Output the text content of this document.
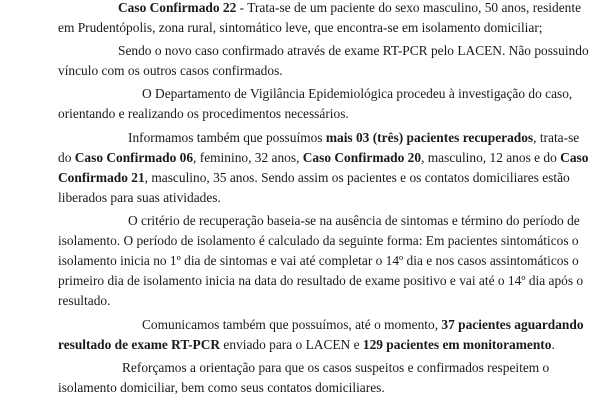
Caso Confirmado 22 - Trata-se de um paciente do sexo masculino, 50 anos, residente
em Prudentópolis, zona rural, sintomático leve, que encontra-se em isolamento domiciliar;
Sendo o novo caso confirmado através de exame RT-PCR pelo LACEN. Não possuindo
vínculo com os outros casos confirmados.
O Departamento de Vigilância Epidemiológica procedeu à investigação do caso,
orientando e realizando os procedimentos necessários.
Informamos também que possuímos mais 03 (três) pacientes recuperados, trata-se
do Caso Confirmado 06, feminino, 32 anos, Caso Confirmado 20, masculino, 12 anos e do Caso
Confirmado 21, masculino, 35 anos. Sendo assim os pacientes e os contatos domiciliares estão
liberados para suas atividades.
O critério de recuperação baseia-se na ausência de sintomas e término do período de
isolamento. O período de isolamento é calculado da seguinte forma: Em pacientes sintomáticos o
isolamento inicia no 1º dia de sintomas e vai até completar o 14º dia e nos casos assintomáticos o
primeiro dia de isolamento inicia na data do resultado de exame positivo e vai até o 14º dia após o
resultado.
Comunicamos também que possuímos, até o momento, 37 pacientes aguardando
resultado de exame RT-PCR enviado para o LACEN e 129 pacientes em monitoramento.
Reforçamos a orientação para que os casos suspeitos e confirmados respeitem o
isolamento domiciliar, bem como seus contatos domiciliares.
